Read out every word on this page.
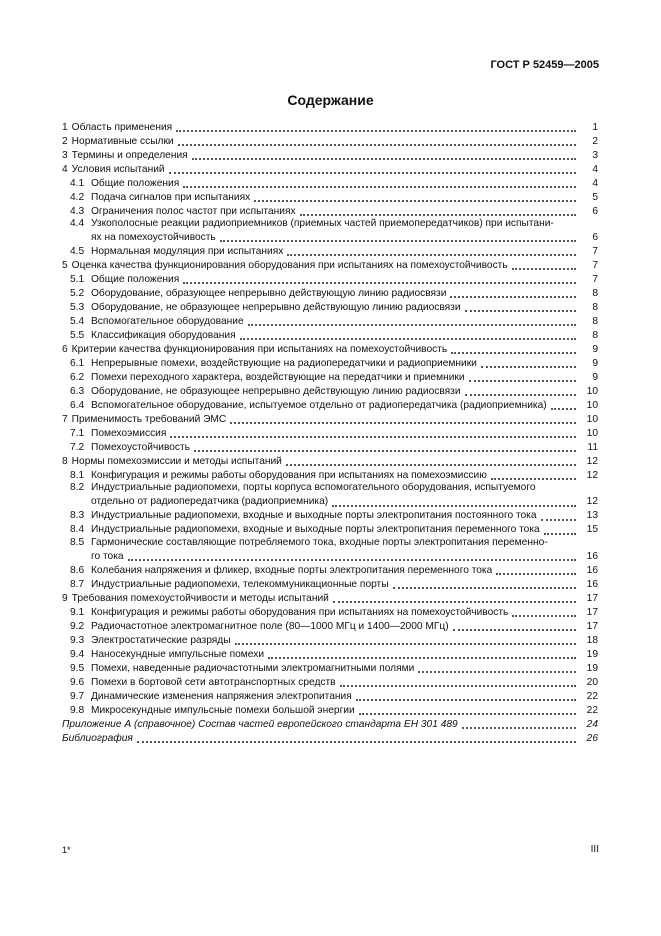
ГОСТ Р 52459—2005
Содержание
1 Область применения	1
2 Нормативные ссылки	2
3 Термины и определения	3
4 Условия испытаний	4
4.1 Общие положения	4
4.2 Подача сигналов при испытаниях	5
4.3 Ограничения полос частот при испытаниях	6
4.4 Узкополосные реакции радиоприемников (приемных частей приемопередатчиков) при испытани-
ях на помехоустойчивость	6
4.5 Нормальная модуляция при испытаниях	7
5 Оценка качества функционирования оборудования при испытаниях на помехоустойчивость	7
5.1 Общие положения	7
5.2 Оборудование, образующее непрерывно действующую линию радиосвязи	8
5.3 Оборудование, не образующее непрерывно действующую линию радиосвязи	8
5.4 Вспомогательное оборудование	8
5.5 Классификация оборудования	8
6 Критерии качества функционирования при испытаниях на помехоустойчивость	9
6.1 Непрерывные помехи, воздействующие на радиопередатчики и радиоприемники	9
6.2 Помехи переходного характера, воздействующие на передатчики и приемники	9
6.3 Оборудование, не образующее непрерывно действующую линию радиосвязи	10
6.4 Вспомогательное оборудование, испытуемое отдельно от радиопередатчика (радиоприемника)	10
7 Применимость требований ЭМС	10
7.1 Помехоэмиссия	10
7.2 Помехоустойчивость	11
8 Нормы помехоэмиссии и методы испытаний	12
8.1 Конфигурация и режимы работы оборудования при испытаниях на помехоэмиссию	12
8.2 Индустриальные радиопомехи, порты корпуса вспомогательного оборудования, испытуемого
отдельно от радиопередатчика (радиоприемника)	12
8.3 Индустриальные радиопомехи, входные и выходные порты электропитания постоянного тока	13
8.4 Индустриальные радиопомехи, входные и выходные порты электропитания переменного тока	15
8.5 Гармонические составляющие потребляемого тока, входные порты электропитания переменно-
го тока	16
8.6 Колебания напряжения и фликер, входные порты электропитания переменного тока	16
8.7 Индустриальные радиопомехи, телекоммуникационные порты	16
9 Требования помехоустойчивости и методы испытаний	17
9.1 Конфигурация и режимы работы оборудования при испытаниях на помехоустойчивость	17
9.2 Радиочастотное электромагнитное поле (80—1000 МГц и 1400—2000 МГц)	17
9.3 Электростатические разряды	18
9.4 Наносекундные импульсные помехи	19
9.5 Помехи, наведенные радиочастотными электромагнитными полями	19
9.6 Помехи в бортовой сети автотранспортных средств	20
9.7 Динамические изменения напряжения электропитания	22
9.8 Микросекундные импульсные помехи большой энергии	22
Приложение А (справочное) Состав частей европейского стандарта ЕН 301 489	24
Библиография	26
1*	III
